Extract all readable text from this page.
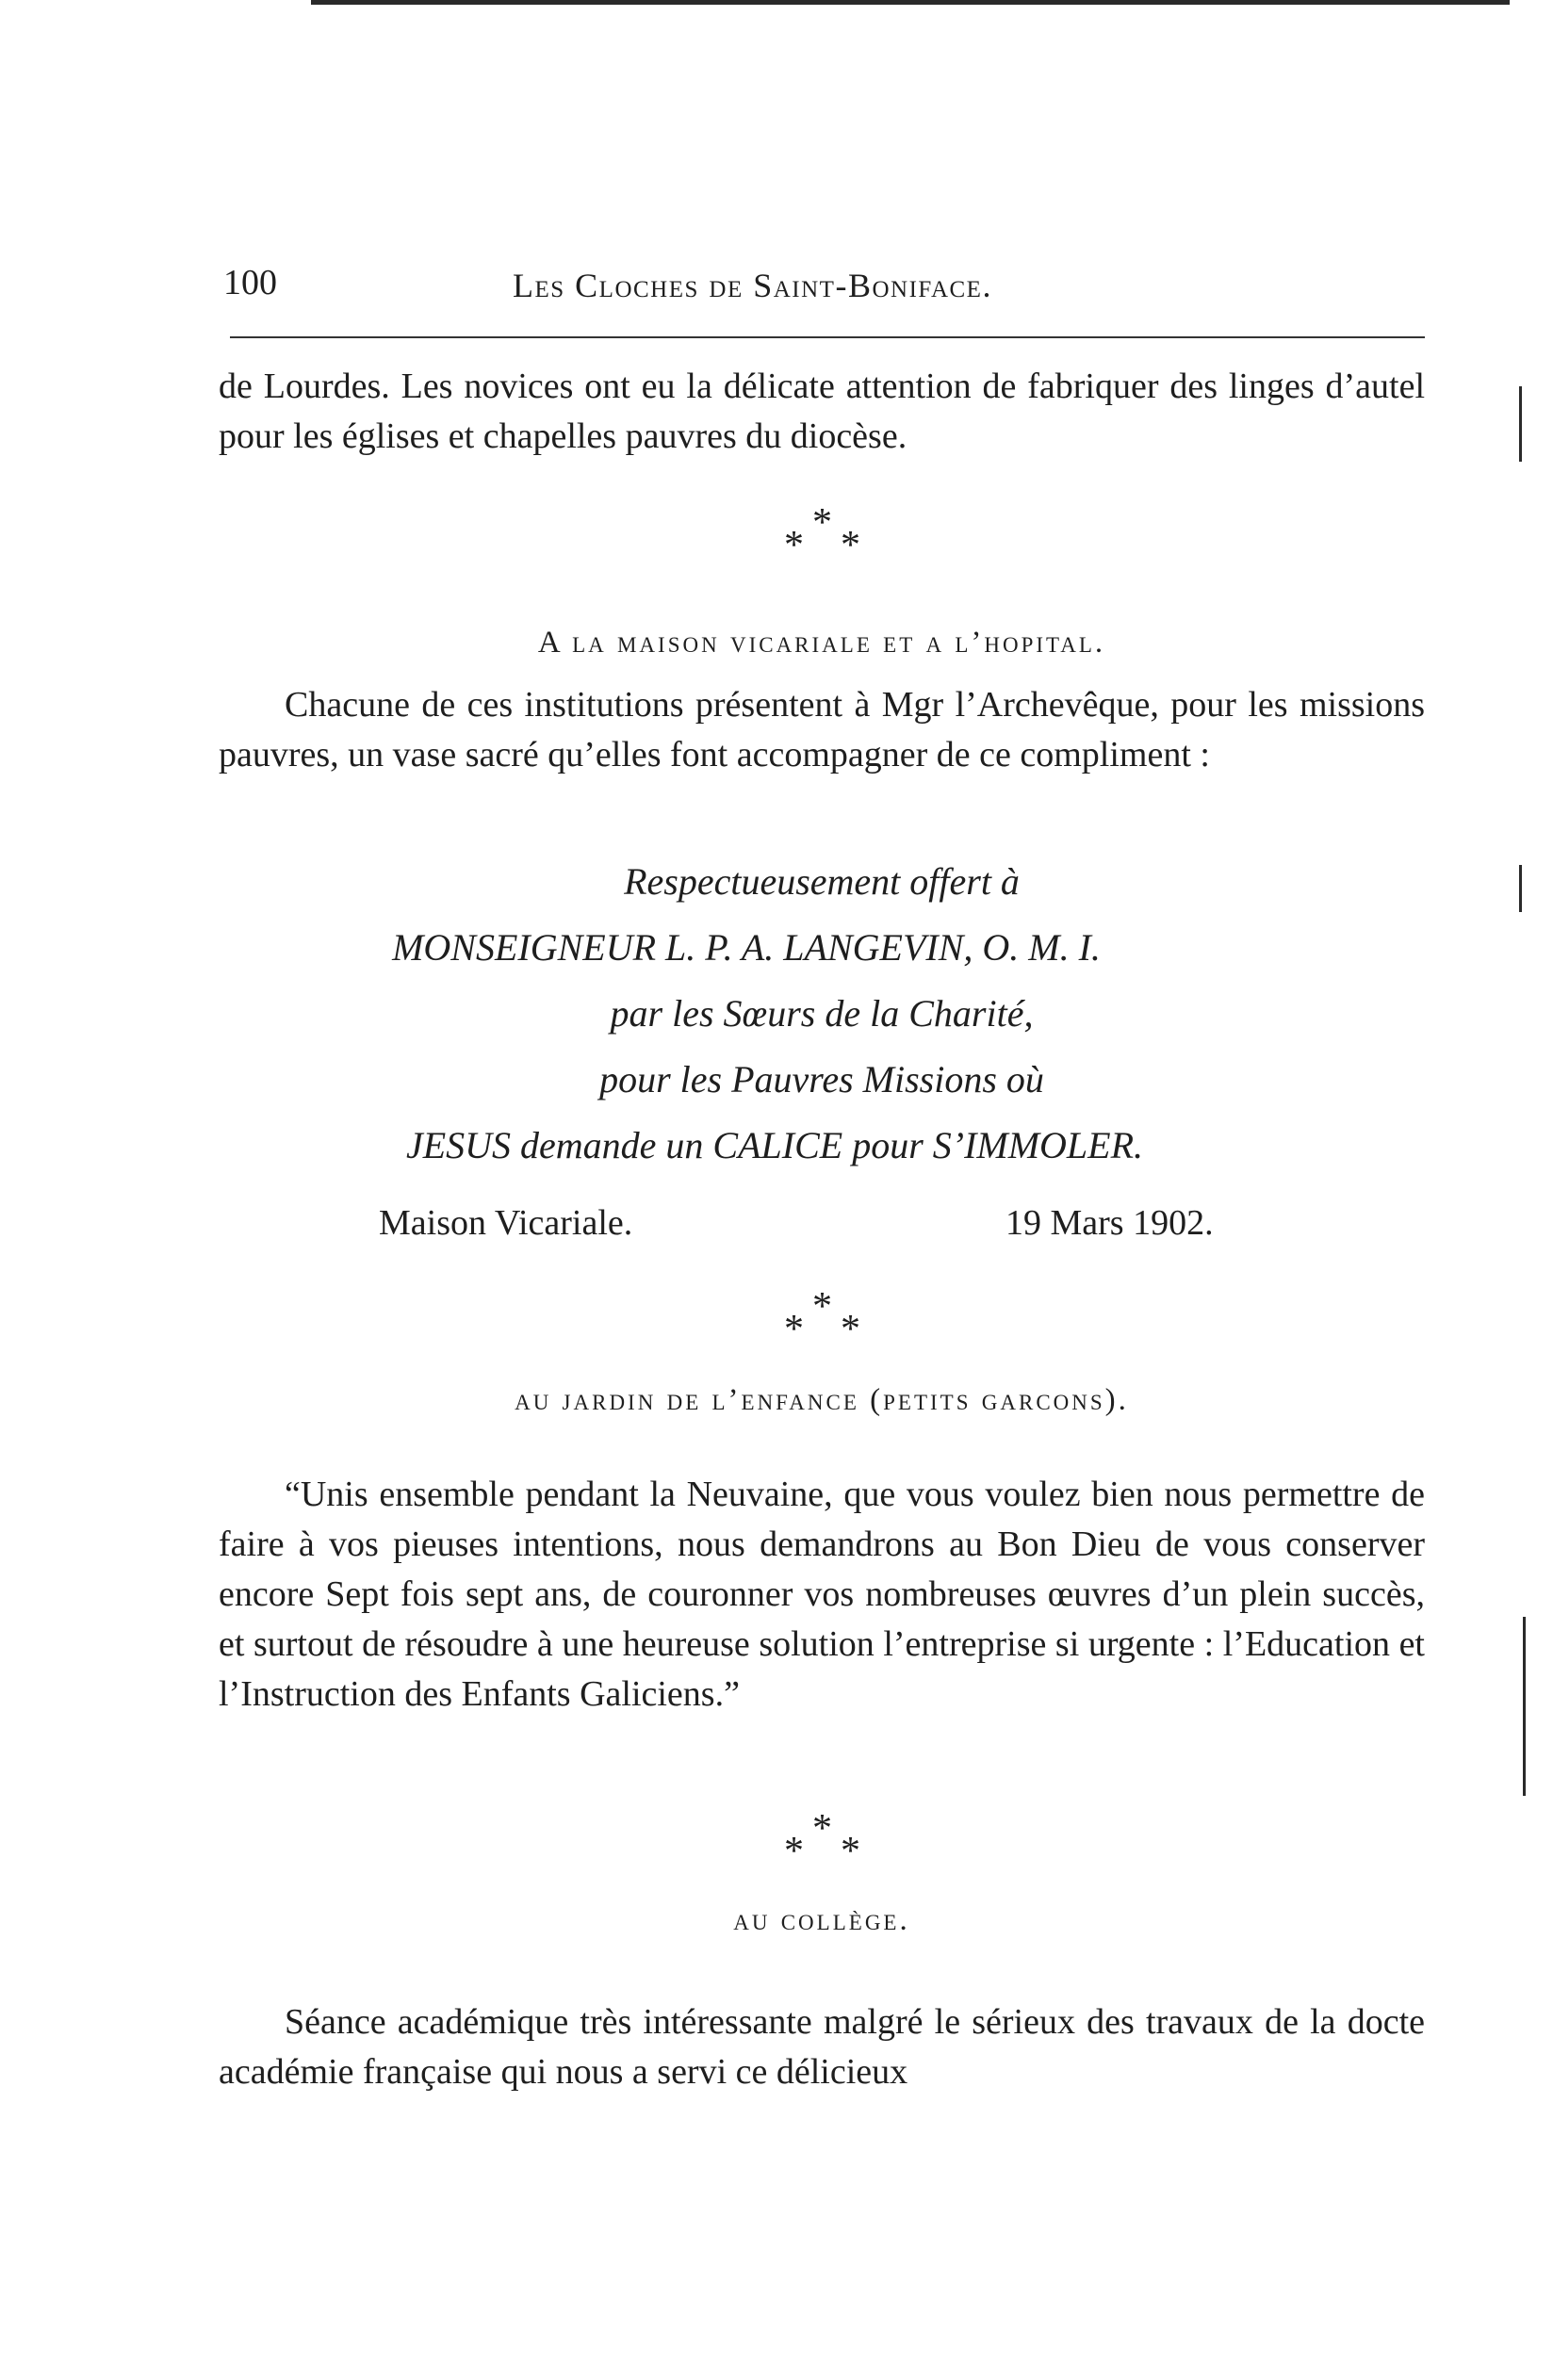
100	Les Cloches de Saint-Boniface.

de Lourdes. Les novices ont eu la délicate attention de fabriquer des linges d’autel pour les églises et chapelles pauvres du diocèse.

*
* *

A la maison vicariale et a l’hopital.

Chacune de ces institutions présentent à Mgr l’Archevêque, pour les missions pauvres, un vase sacré qu’elles font accompagner de ce compliment :

Respectueusement offert à

MONSEIGNEUR L. P. A. LANGEVIN, O. M. I.

par les Sœurs de la Charité,

pour les Pauvres Missions où

JESUS demande un CALICE pour S’IMMOLER.

Maison Vicariale.	19 Mars 1902.
*
* *

au jardin de l’enfance (petits garcons).

“Unis ensemble pendant la Neuvaine, que vous voulez bien nous permettre de faire à vos pieuses intentions, nous demandrons au Bon Dieu de vous conserver encore Sept fois sept ans, de couronner vos nombreuses œuvres d’un plein succès, et surtout de résoudre à une heureuse solution l’entreprise si urgente : l’Education et l’Instruction des Enfants Galiciens.”

*
* *

au collège.

Séance académique très intéressante malgré le sérieux des travaux de la docte académie française qui nous a servi ce délicieux
